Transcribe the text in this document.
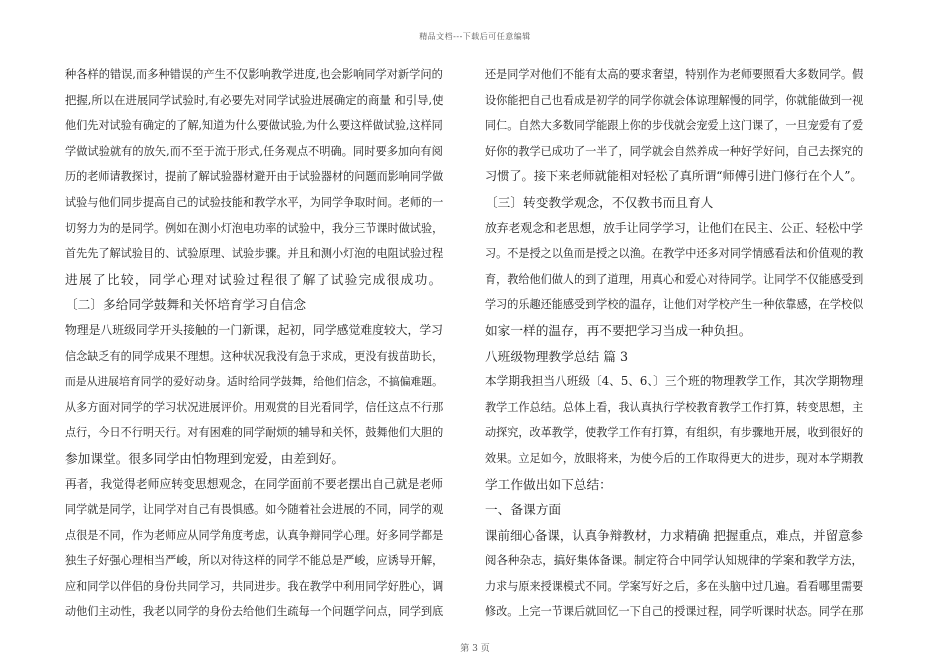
精品文档---下载后可任意编辑
种各样的错误,而多种错误的产生不仅影响教学进度,也会影响同学对新学问的
把握,所以在进展同学试验时,有必要先对同学试验进展确定的商量 和引导,使
他们先对试验有确定的了解,知道为什么要做试验,为什么要这样做试验,这样同
学做试验就有的放矢,而不至于流于形式,任务观点不明确。同时要多加向有阅
历的老师请教探讨，提前了解试验器材避开由于试验器材的问题而影响同学做
试验与他们同步提高自己的试验技能和教学水平，为同学争取时间。老师的一
切努力为的是同学。例如在测小灯泡电功率的试验中，我分三节课时做试验，
首先先了解试验目的、试验原理、试验步骤。并且和测小灯泡的电阻试验过程
进展了比较，同学心理对试验过程很了解了试验完成很成功。
〔二〕多给同学鼓舞和关怀培育学习自信念
物理是八班级同学开头接触的一门新课，起初，同学感觉难度较大，学习
信念缺乏有的同学成果不理想。这种状况我没有急于求成，更没有拔苗助长，
而是从进展培育同学的爱好动身。适时给同学鼓舞，给他们信念，不搞偏难题。
从多方面对同学的学习状况进展评价。用观赏的目光看同学，信任这点不行那
点行，今日不行明天行。对有困难的同学耐烦的辅导和关怀，鼓舞他们大胆的
参加课堂。很多同学由怕物理到宠爱，由差到好。
再者，我觉得老师应转变思想观念，在同学面前不要老摆出自己就是老师
同学就是同学，让同学对自己有畏惧感。如今随着社会进展的不同，同学的观
点很是不同，作为老师应从同学角度考虑，认真争辩同学心理。好多同学都是
独生子好强心理相当严峻，所以对待这样的同学不能总是严峻，应诱导开解，
应和同学以伴侣的身份共同学习，共同进步。我在教学中利用同学好胜心，调
动他们主动性，我老以同学的身份去给他们生疏每一个问题学问点，同学到底
还是同学对他们不能有太高的要求奢望，特别作为老师要照看大多数同学。假
设你能把自己也看成是初学的同学你就会体谅理解慢的同学，你就能做到一视
同仁。自然大多数同学能跟上你的步伐就会宠爱上这门课了，一旦宠爱有了爱
好你的教学已成功了一半了，同学就会自然养成一种好学好问，自己去探究的
习惯了。接下来老师就能相对轻松了真所谓“师傅引进门修行在个人”。
〔三〕转变教学观念，不仅教书而且育人
放弃老观念和老思想，放手让同学学习，让他们在民主、公正、轻松中学
习。不是授之以鱼而是授之以渔。在教学中还多对同学情感看法和价值观的教
育，教给他们做人的到了道理，用真心和爱心对待同学。让同学不仅能感受到
学习的乐趣还能感受到学校的温存，让他们对学校产生一种依靠感，在学校似
如家一样的温存，再不要把学习当成一种负担。
八班级物理教学总结 篇 3
本学期我担当八班级〔4、5、6、〕三个班的物理教学工作，其次学期物理
教学工作总结。总体上看，我认真执行学校教育教学工作打算，转变思想，主
动探究，改革教学，使教学工作有打算，有组织，有步骤地开展，收到很好的
效果。立足如今，放眼将来，为使今后的工作取得更大的进步，现对本学期教
学工作做出如下总结：
一、备课方面
课前细心备课，认真争辩教材，力求精确 把握重点，难点，并留意参
阅各种杂志，搞好集体备课。制定符合中同学认知规律的学案和教学方法，
力求与原来授课模式不同。学案写好之后，多在头脑中过几遍。看看哪里需要
修改。上完一节课后就回忆一下自己的授课过程，同学听课时状态。同学在那
第 3 页
